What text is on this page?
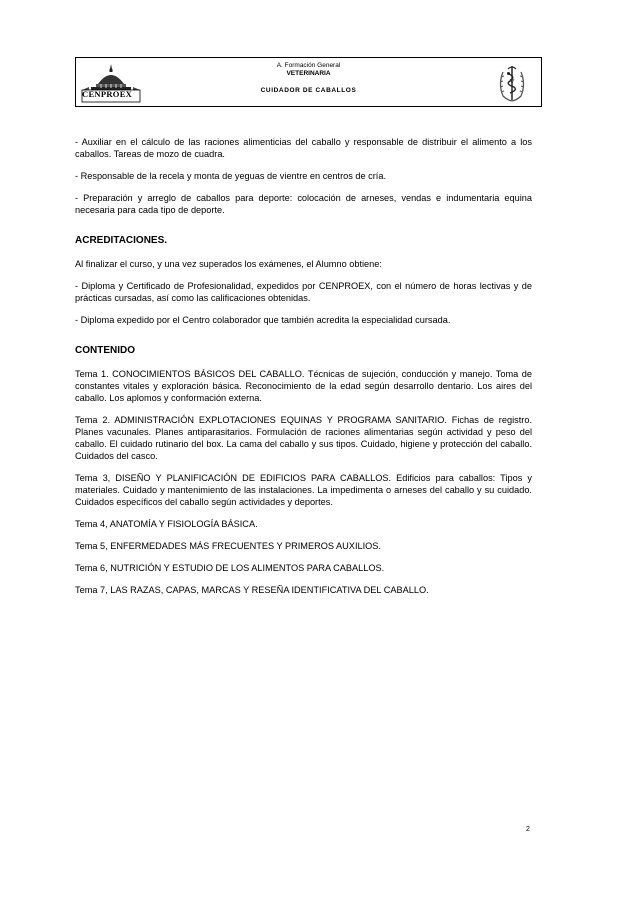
CENPROEX
A. Formación General
VETERINARIA
CUIDADOR DE CABALLOS
V

- Auxiliar en el cálculo de las raciones alimenticias del caballo y responsable de distribuir el alimento a los caballos. Tareas de mozo de cuadra.

- Responsable de la recela y monta de yeguas de vientre en centros de cría.

- Preparación y arreglo de caballos para deporte: colocación de arneses, vendas e indumentaria equina necesaria para cada tipo de deporte.

ACREDITACIONES.

Al finalizar el curso, y una vez superados los exámenes, el Alumno obtiene:

- Diploma y Certificado de Profesionalidad, expedidos por CENPROEX, con el número de horas lectivas y de prácticas cursadas, así como las calificaciones obtenidas.

- Diploma expedido por el Centro colaborador que también acredita la especialidad cursada.

CONTENIDO

Tema 1. CONOCIMIENTOS BÁSICOS DEL CABALLO. Técnicas de sujeción, conducción y manejo. Toma de constantes vitales y exploración básica. Reconocimiento de la edad según desarrollo dentario. Los aires del caballo. Los aplomos y conformación externa.

Tema 2. ADMINISTRACIÓN EXPLOTACIONES EQUINAS Y PROGRAMA SANITARIO. Fichas de registro. Planes vacunales. Planes antiparasitarios. Formulación de raciones alimentarias según actividad y peso del caballo. El cuidado rutinario del box. La cama del caballo y sus tipos. Cuidado, higiene y protección del caballo. Cuidados del casco.

Tema 3, DISEÑO Y PLANIFICACIÓN DE EDIFICIOS PARA CABALLOS. Edificios para caballos: Tipos y materiales. Cuidado y mantenimiento de las instalaciones. La impedimenta o arneses del caballo y su cuidado. Cuidados específicos del caballo según actividades y deportes.

Tema 4, ANATOMÍA Y FISIOLOGÍA BÁSICA.

Tema 5, ENFERMEDADES MÁS FRECUENTES Y PRIMEROS AUXILIOS.

Tema 6, NUTRICIÓN Y ESTUDIO DE LOS ALIMENTOS PARA CABALLOS.

Tema 7, LAS RAZAS, CAPAS, MARCAS Y RESEÑA IDENTIFICATIVA DEL CABALLO.

2
